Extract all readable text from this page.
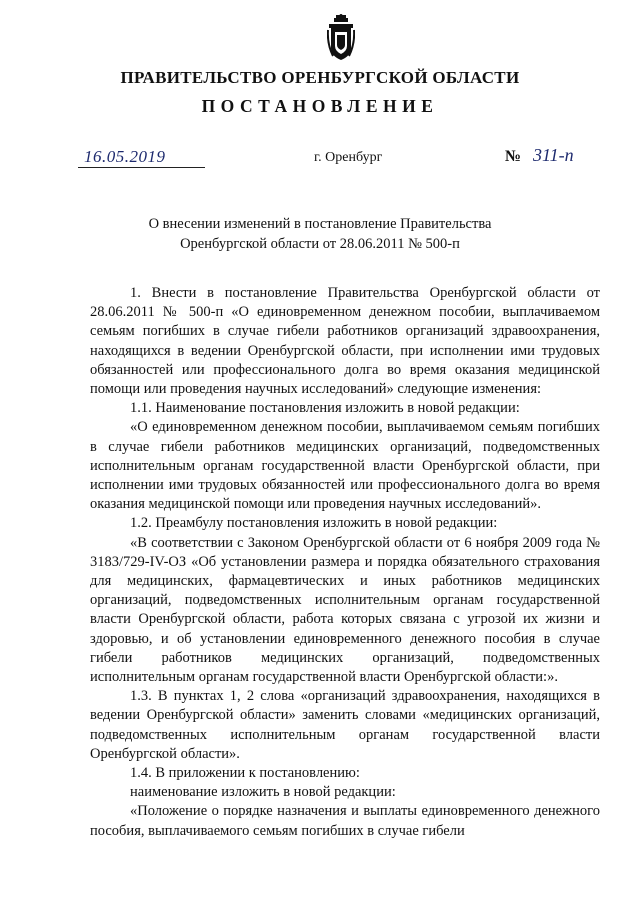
ПРАВИТЕЛЬСТВО ОРЕНБУРГСКОЙ ОБЛАСТИ
ПОСТАНОВЛЕНИЕ
16.05.2019	г. Оренбург	№ 311-п
О внесении изменений в постановление Правительства
Оренбургской области от 28.06.2011 № 500-п

1. Внести в постановление Правительства Оренбургской области от 28.06.2011 № 500-п «О единовременном денежном пособии, выплачиваемом семьям погибших в случае гибели работников организаций здравоохранения, находящихся в ведении Оренбургской области, при исполнении ими трудовых обязанностей или профессионального долга во время оказания медицинской помощи или проведения научных исследований» следующие изменения:

1.1. Наименование постановления изложить в новой редакции:

«О единовременном денежном пособии, выплачиваемом семьям погибших в случае гибели работников медицинских организаций, подведомственных исполнительным органам государственной власти Оренбургской области, при исполнении ими трудовых обязанностей или профессионального долга во время оказания медицинской помощи или проведения научных исследований».

1.2. Преамбулу постановления изложить в новой редакции:

«В соответствии с Законом Оренбургской области от 6 ноября 2009 года № 3183/729-IV-ОЗ «Об установлении размера и порядка обязательного страхования для медицинских, фармацевтических и иных работников медицинских организаций, подведомственных исполнительным органам государственной власти Оренбургской области, работа которых связана с угрозой их жизни и здоровью, и об установлении единовременного денежного пособия в случае гибели работников медицинских организаций, подведомственных исполнительным органам государственной власти Оренбургской области:».

1.3. В пунктах 1, 2 слова «организаций здравоохранения, находящихся в ведении Оренбургской области» заменить словами «медицинских организаций, подведомственных исполнительным органам государственной власти Оренбургской области».

1.4. В приложении к постановлению:

наименование изложить в новой редакции:

«Положение о порядке назначения и выплаты единовременного денежного пособия, выплачиваемого семьям погибших в случае гибели
